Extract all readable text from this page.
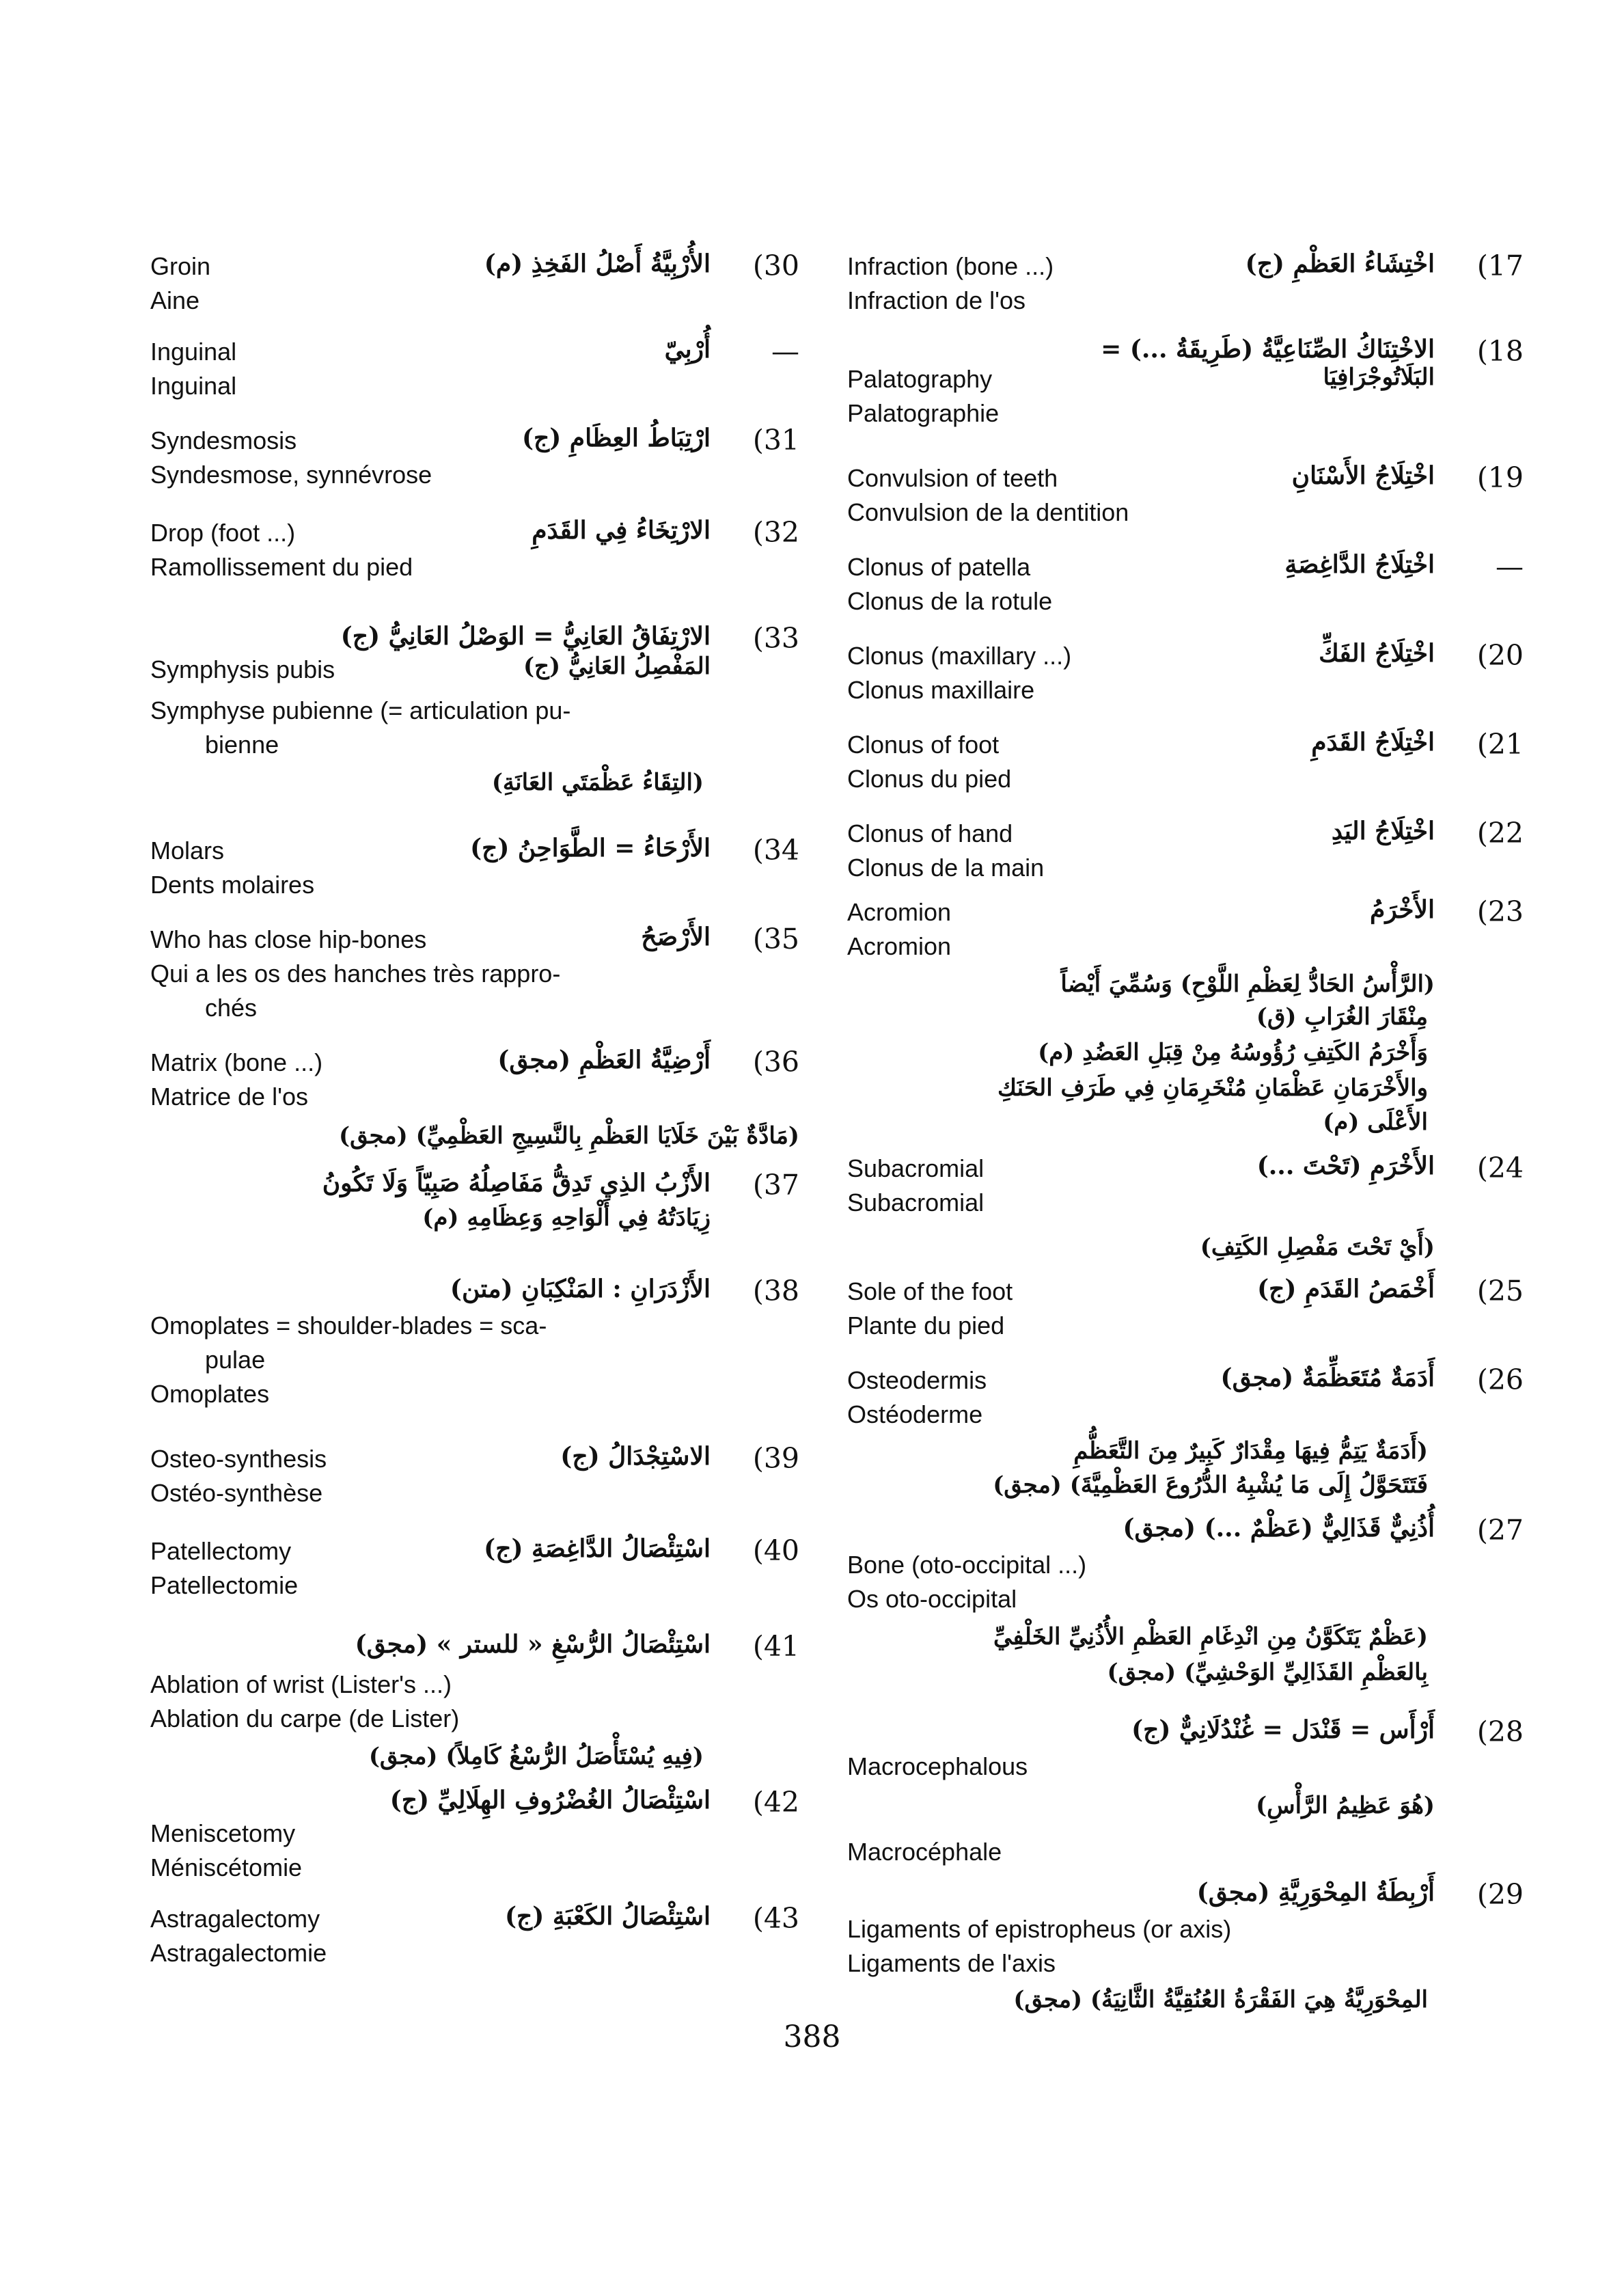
(17
اخْتِشَاءُ العَظْمِ (ج)
Infraction (bone ...)
Infraction de l'os
(18
الاخْتِنَاكُ الصِّنَاعِيَّةُ (طَرِيقَةُ ...) =
البَلَاتُوجْرَافِيَا
Palatography
Palatographie
(19
اخْتِلَاجُ الأَسْنَانِ
Convulsion of teeth
Convulsion de la dentition
—
اخْتِلَاجُ الدَّاغِصَةِ
Clonus of patella
Clonus de la rotule
(20
اخْتِلَاجُ الفَكِّ
Clonus (maxillary ...)
Clonus maxillaire
(21
اخْتِلَاجُ القَدَمِ
Clonus of foot
Clonus du pied
(22
اخْتِلَاجُ اليَدِ
Clonus of hand
Clonus de la main
(23
الأَخْرَمُ
Acromion
Acromion
(الرَّأْسُ الحَادُّ لِعَظْمِ اللَّوْحِ) وَسُمِّيَ أَيْضاً
مِنْقَارَ الغُرَابِ (ق)
وَأَخْرَمُ الكَتِفِ رُؤُوسُهُ مِنْ قِبَلِ العَضُدِ (م)
والأَخْرَمَانِ عَظْمَانِ مُنْخَرِمَانِ فِي طَرَفِ الحَنَكِ
الأَعْلَى (م)
(24
الأَخْرَمِ (تَحْتَ ...)
Subacromial
Subacromial
(أَيْ تَحْتَ مَفْصِلِ الكَتِفِ)
(25
أَخْمَصُ القَدَمِ (ج)
Sole of the foot
Plante du pied
(26
أَدَمَةٌ مُتَعَظِّمَةٌ (مجق)
Osteodermis
Ostéoderme
(أَدَمَةٌ يَتِمُّ فِيهَا مِقْدَارٌ كَبِيرٌ مِنَ التَّعَظُّمِ
فَتَتَحَوَّلُ إِلَى مَا يُشْبِهُ الدُّرُوعَ العَظْمِيَّةَ) (مجق)
(27
أُذُنِيٌّ قَذَالِيٌّ (عَظْمٌ ...) (مجق)
Bone (oto-occipital ...)
Os oto-occipital
(عَظْمٌ يَتَكَوَّنُ مِنِ انْدِغَامِ العَظْمِ الأُذُنِيِّ الخَلْفِيِّ
بِالعَظْمِ القَذَالِيِّ الوَحْشِيِّ) (مجق)
(28
أَرْأَس = قَنْدَل = غُنْدُلَانِيٌّ (ج)
Macrocephalous
(هُوَ عَظِيمُ الرَّأْسِ)
Macrocéphale
(29
أَرْبِطَةُ المِحْوَرِيَّةِ (مجق)
Ligaments of epistropheus (or axis)
Ligaments de l'axis
المِحْوَرِيَّةُ هِيَ الفَقْرَةُ العُنُقِيَّةُ الثَّانِيَةُ) (مجق)
(30
الأُرْبِيَّةُ أَصْلُ الفَخِذِ (م)
Groin
Aine
—
أُرْبِيّ
Inguinal
Inguinal
(31
ارْتِبَاطُ العِظَامِ (ج)
Syndesmosis
Syndesmose, synnévrose
(32
الارْتِخَاءُ فِي القَدَمِ
Drop (foot ...)
Ramollissement du pied
(33
الارْتِفَاقُ العَانِيُّ = الوَصْلُ العَانِيُّ (ج)
المَفْصِلُ العَانِيُّ (ج)
Symphysis pubis
Symphyse pubienne (= articulation pu-
bienne
(التِقَاءُ عَظْمَتَي العَانَةِ)
(34
الأَرْحَاءُ = الطَّوَاحِنُ (ج)
Molars
Dents molaires
(35
الأَرْصَحُ
Who has close hip-bones
Qui a les os des hanches très rappro-
chés
(36
أَرْضِيَّةُ العَظْمِ (مجق)
Matrix (bone ...)
Matrice de l'os
(مَادَّةٌ بَيْنَ خَلَايَا العَظْمِ بِالنَّسِيجِ العَظْمِيِّ) (مجق)
(37
الأَزْبُ الذِي تَدِقُّ مَفَاصِلُهُ صَبِيّاً وَلَا تَكُونُ
زِيَادَتُهُ فِي أَلْوَاحِهِ وَعِظَامِهِ (م)
(38
الأَزْدَرَانِ : المَنْكِبَانِ (متن)
Omoplates = shoulder-blades = sca-
pulae
Omoplates
(39
الاسْتِجْدَالُ (ج)
Osteo-synthesis
Ostéo-synthèse
(40
اسْتِئْصَالُ الدَّاغِصَةِ (ج)
Patellectomy
Patellectomie
(41
اسْتِئْصَالُ الرُّسْغِ « للستر » (مجق)
Ablation of wrist (Lister's ...)
Ablation du carpe (de Lister)
(فِيهِ يُسْتَأْصَلُ الرُّسْغُ كَامِلاً) (مجق)
(42
اسْتِئْصَالُ الغُضْرُوفِ الهِلَالِيِّ (ج)
Meniscetomy
Méniscétomie
(43
اسْتِئْصَالُ الكَعْبَةِ (ج)
Astragalectomy
Astragalectomie
388
